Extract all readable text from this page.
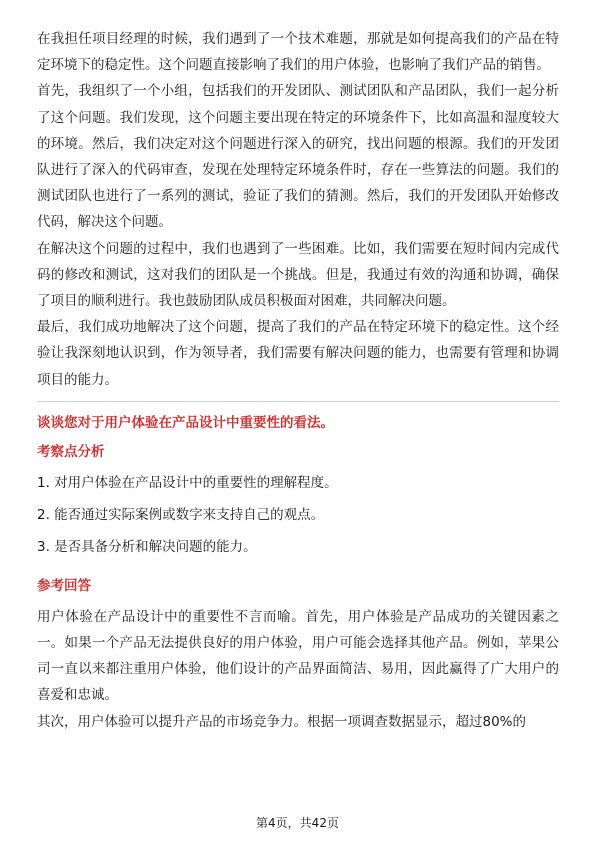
在我担任项目经理的时候，我们遇到了一个技术难题，那就是如何提高我们的产品在特定环境下的稳定性。这个问题直接影响了我们的用户体验，也影响了我们产品的销售。

首先，我组织了一个小组，包括我们的开发团队、测试团队和产品团队，我们一起分析了这个问题。我们发现，这个问题主要出现在特定的环境条件下，比如高温和湿度较大的环境。然后，我们决定对这个问题进行深入的研究，找出问题的根源。我们的开发团队进行了深入的代码审查，发现在处理特定环境条件时，存在一些算法的问题。我们的测试团队也进行了一系列的测试，验证了我们的猜测。然后，我们的开发团队开始修改代码，解决这个问题。

在解决这个问题的过程中，我们也遇到了一些困难。比如，我们需要在短时间内完成代码的修改和测试，这对我们的团队是一个挑战。但是，我通过有效的沟通和协调，确保了项目的顺利进行。我也鼓励团队成员积极面对困难，共同解决问题。

最后，我们成功地解决了这个问题，提高了我们的产品在特定环境下的稳定性。这个经验让我深刻地认识到，作为领导者，我们需要有解决问题的能力，也需要有管理和协调项目的能力。

谈谈您对于用户体验在产品设计中重要性的看法。
考察点分析
1. 对用户体验在产品设计中的重要性的理解程度。
2. 能否通过实际案例或数字来支持自己的观点。
3. 是否具备分析和解决问题的能力。
参考回答

用户体验在产品设计中的重要性不言而喻。首先，用户体验是产品成功的关键因素之一。如果一个产品无法提供良好的用户体验，用户可能会选择其他产品。例如，苹果公司一直以来都注重用户体验，他们设计的产品界面简洁、易用，因此赢得了广大用户的喜爱和忠诚。

其次，用户体验可以提升产品的市场竞争力。根据一项调查数据显示，超过80%的

第4页，共42页
